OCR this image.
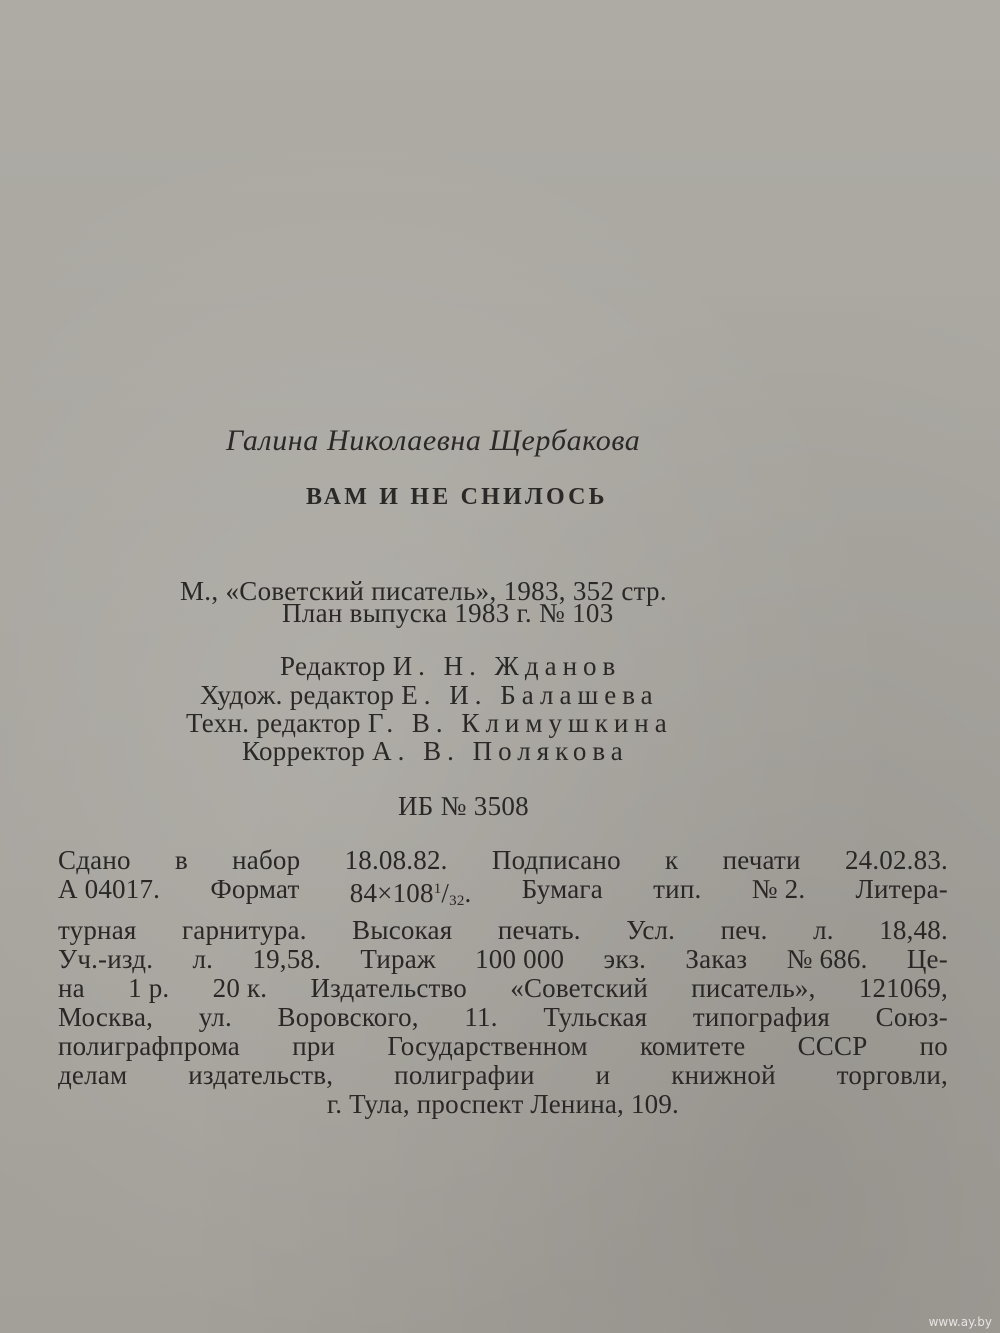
Галина Николаевна Щербакова
ВАМ И НЕ СНИЛОСЬ
М., «Советский писатель», 1983, 352 стр.
План выпуска 1983 г. № 103
Редактор И. Н. Жданов
Худож. редактор Е. И. Балашева
Техн. редактор Г. В. Климушкина
Корректор А. В. Полякова
ИБ № 3508
Сдано в набор 18.08.82. Подписано к печати 24.02.83.
А 04017. Формат $84\times 108^1/_{32}$. Бумага тип. № 2. Литера-
турная гарнитура. Высокая печать. Усл. печ. л. 18,48.
Уч.-изд. л. 19,58. Тираж 100 000 экз. Заказ № 686. Це-
на 1 р. 20 к. Издательство «Советский писатель», 121069,
Москва, ул. Воровского, 11. Тульская типография Союз-
полиграфпрома при Государственном комитете СССР по
делам издательств, полиграфии и книжной торговли,
г. Тула, проспект Ленина, 109.
www.ay.by
